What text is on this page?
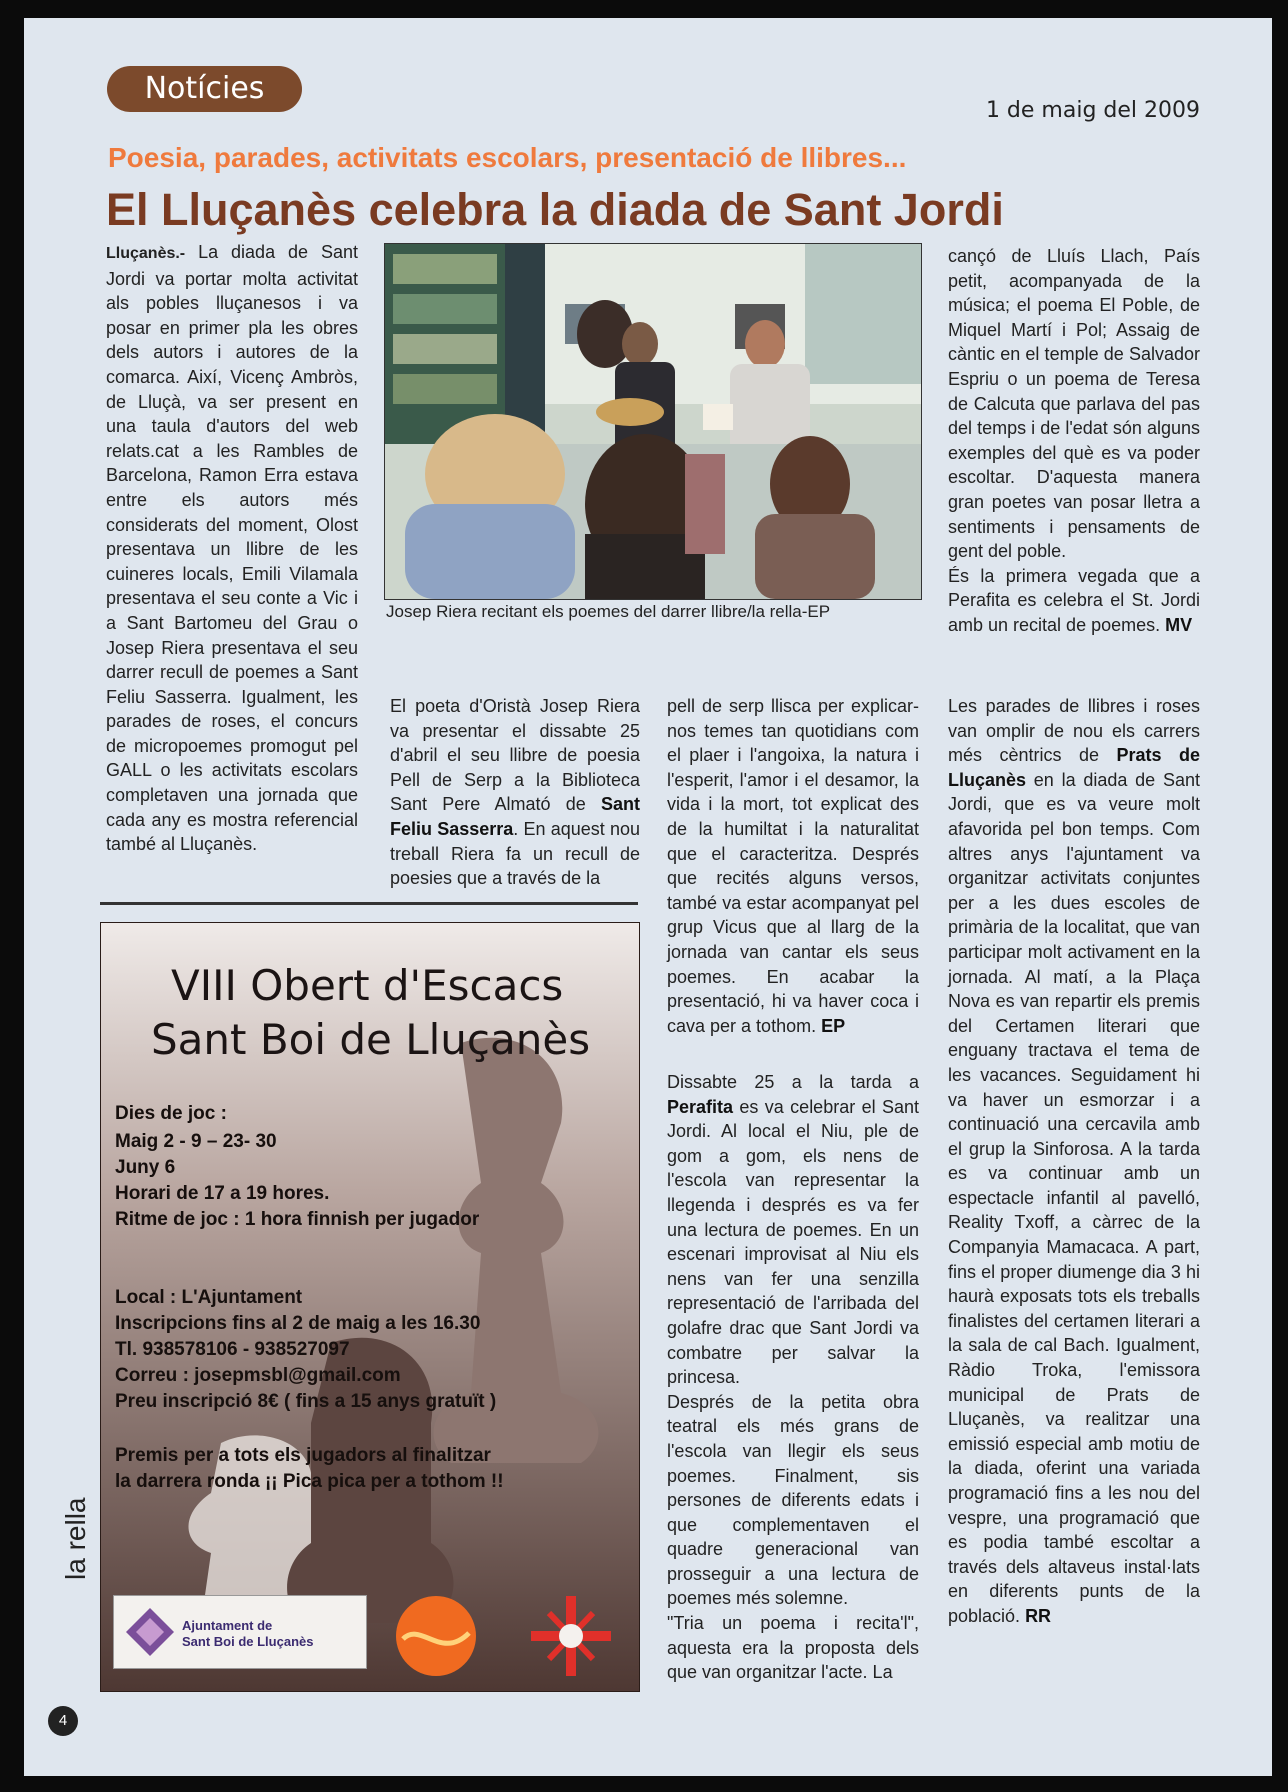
Notícies
1 de maig del 2009
Poesia, parades, activitats escolars, presentació de llibres...
El Lluçanès celebra la diada de Sant Jordi
Lluçanès.- La diada de Sant Jordi va portar molta activitat als pobles lluçanesos i va posar en primer pla les obres dels autors i autores de la comarca. Així, Vicenç Ambròs, de Lluçà, va ser present en una taula d'autors del web relats.cat a les Rambles de Barcelona, Ramon Erra estava entre els autors més considerats del moment, Olost presentava un llibre de les cuineres locals, Emili Vilamala presentava el seu conte a Vic i a Sant Bartomeu del Grau o Josep Riera presentava el seu darrer recull de poemes a Sant Feliu Sasserra. Igualment, les parades de roses, el concurs de micropoemes promogut pel GALL o les activitats escolars completaven una jornada que cada any es mostra referencial també al Lluçanès.
Josep Riera recitant els poemes del darrer llibre/la rella-EP
El poeta d'Oristà Josep Riera va presentar el dissabte 25 d'abril el seu llibre de poesia Pell de Serp a la Biblioteca Sant Pere Almató de Sant Feliu Sasserra. En aquest nou treball Riera fa un recull de poesies que a través de la
pell de serp llisca per explicar-nos temes tan quotidians com el plaer i l'angoixa, la natura i l'esperit, l'amor i el desamor, la vida i la mort, tot explicat des de la humiltat i la naturalitat que el caracteritza. Després que recités alguns versos, també va estar acompanyat pel grup Vicus que al llarg de la jornada van cantar els seus poemes. En acabar la presentació, hi va haver coca i cava per a tothom. EP
Dissabte 25 a la tarda a Perafita es va celebrar el Sant Jordi. Al local el Niu, ple de gom a gom, els nens de l'escola van representar la llegenda i després es va fer una lectura de poemes. En un escenari improvisat al Niu els nens van fer una senzilla representació de l'arribada del golafre drac que Sant Jordi va combatre per salvar la princesa.
Després de la petita obra teatral els més grans de l'escola van llegir els seus poemes. Finalment, sis persones de diferents edats i que complementaven el quadre generacional van prosseguir a una lectura de poemes més solemne.
"Tria un poema i recita'l", aquesta era la proposta dels que van organitzar l'acte. La
cançó de Lluís Llach, País petit, acompanyada de la música; el poema El Poble, de Miquel Martí i Pol; Assaig de càntic en el temple de Salvador Espriu o un poema de Teresa de Calcuta que parlava del pas del temps i de l'edat són alguns exemples del què es va poder escoltar. D'aquesta manera gran poetes van posar lletra a sentiments i pensaments de gent del poble.
És la primera vegada que a Perafita es celebra el St. Jordi amb un recital de poemes. MV
Les parades de llibres i roses van omplir de nou els carrers més cèntrics de Prats de Lluçanès en la diada de Sant Jordi, que es va veure molt afavorida pel bon temps. Com altres anys l'ajuntament va organitzar activitats conjuntes per a les dues escoles de primària de la localitat, que van participar molt activament en la jornada. Al matí, a la Plaça Nova es van repartir els premis del Certamen literari que enguany tractava el tema de les vacances. Seguidament hi va haver un esmorzar i a continuació una cercavila amb el grup la Sinforosa. A la tarda es va continuar amb un espectacle infantil al pavelló, Reality Txoff, a càrrec de la Companyia Mamacaca. A part, fins el proper diumenge dia 3 hi haurà exposats tots els treballs finalistes del certamen literari a la sala de cal Bach. Igualment, Ràdio Troka, l'emissora municipal de Prats de Lluçanès, va realitzar una emissió especial amb motiu de la diada, oferint una variada programació fins a les nou del vespre, una programació que es podia també escoltar a través dels altaveus instal·lats en diferents punts de la població. RR
VIII Obert d'Escacs
Sant Boi de Lluçanès
Dies de joc :
Maig 2 - 9 – 23- 30
Juny 6
Horari de 17 a 19 hores.
Ritme de joc : 1 hora finnish per jugador
Local : L'Ajuntament
Inscripcions fins al 2 de maig a les 16.30
Tl. 938578106 - 938527097
Correu : josepmsbl@gmail.com
Preu inscripció 8€ ( fins a 15 anys gratuït )
Premis per a tots els jugadors al finalitzar
la darrera ronda ¡¡ Pica pica per a tothom !!
Ajuntament de
Sant Boi de Lluçanès
la rella
4
